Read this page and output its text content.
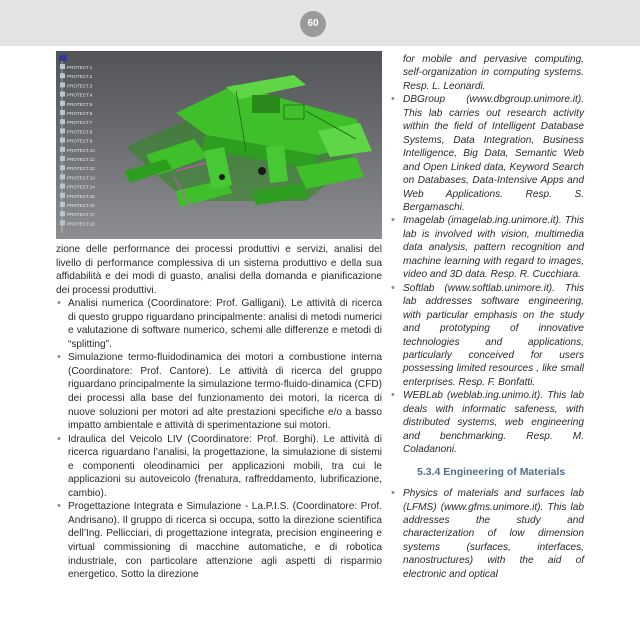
60
PROTECT.1
PROTECT.2
PROTECT.3
PROTECT.4
PROTECT.5
PROTECT.6
PROTECT.7
PROTECT.8
PROTECT.9
PROTECT.10
PROTECT.11
PROTECT.12
PROTECT.13
PROTECT.14
PROTECT.15
PROTECT.16
PROTECT.17
PROTECT.18

zione delle performance dei processi produttivi e servizi, analisi del livello di performance complessiva di un sistema produttivo e della sua affidabilità e dei modi di guasto, analisi della domanda e pianificazione dei processi produttivi.

• Analisi numerica (Coordinatore: Prof. Galligani). Le attività di ricerca di questo gruppo riguardano principalmente: analisi di metodi numerici e valutazione di software numerico, schemi alle differenze e metodi di “splitting”.

• Simulazione termo-fluidodinamica dei motori a combustione interna (Coordinatore: Prof. Cantore). Le attività di ricerca del gruppo riguardano principalmente la simulazione termo-fluido-dinamica (CFD) dei processi alla base del funzionamento dei motori, la ricerca di nuove soluzioni per motori ad alte prestazioni specifiche e/o a basso impatto ambientale e attività di sperimentazione sui motori.

• Idraulica del Veicolo LIV (Coordinatore: Prof. Borghi). Le attività di ricerca riguardano l’analisi, la progettazione, la simulazione di sistemi e componenti oleodinamici per applicazioni mobili, tra cui le applicazioni su autoveicolo (frenatura, raffreddamento, lubrificazione, cambio).

• Progettazione Integrata e Simulazione - La.P.I.S. (Coordinatore: Prof. Andrisano). Il gruppo di ricerca si occupa, sotto la direzione scientifica dell’Ing. Pellicciari, di progettazione integrata, precision engineering e virtual commissioning di macchine automatiche, e di robotica industriale, con particolare attenzione agli aspetti di risparmio energetico. Sotto la direzione

for mobile and pervasive computing, self-organization in computing systems. Resp. L. Leonardi.

• DBGroup (www.dbgroup.unimore.it). This lab carries out research activity within the field of Intelligent Database Systems, Data Integration, Business Intelligence, Big Data, Semantic Web and Open Linked data, Keyword Search on Databases, Data-Intensive Apps and Web Applications. Resp. S. Bergamaschi.

• Imagelab (imagelab.ing.unimore.it). This lab is involved with vision, multimedia data analysis, pattern recognition and machine learning with regard to images, video and 3D data. Resp. R. Cucchiara.

• Softlab (www.softlab.unimore.it). This lab addresses software engineering, with particular emphasis on the study and prototyping of innovative technologies and applications, particularly conceived for users possessing limited resources , like small enterprises. Resp. F. Bonfatti.

• WEBLab (weblab.ing.unimo.it). This lab deals with informatic safeness, with distributed systems, web engineering and benchmarking. Resp. M. Coladanoni.

5.3.4 Engineering of Materials

• Physics of materials and surfaces lab (LFMS) (www.gfms.unimore.it). This lab addresses the study and characterization of low dimension systems (surfaces, interfaces, nanostructures) with the aid of electronic and optical
